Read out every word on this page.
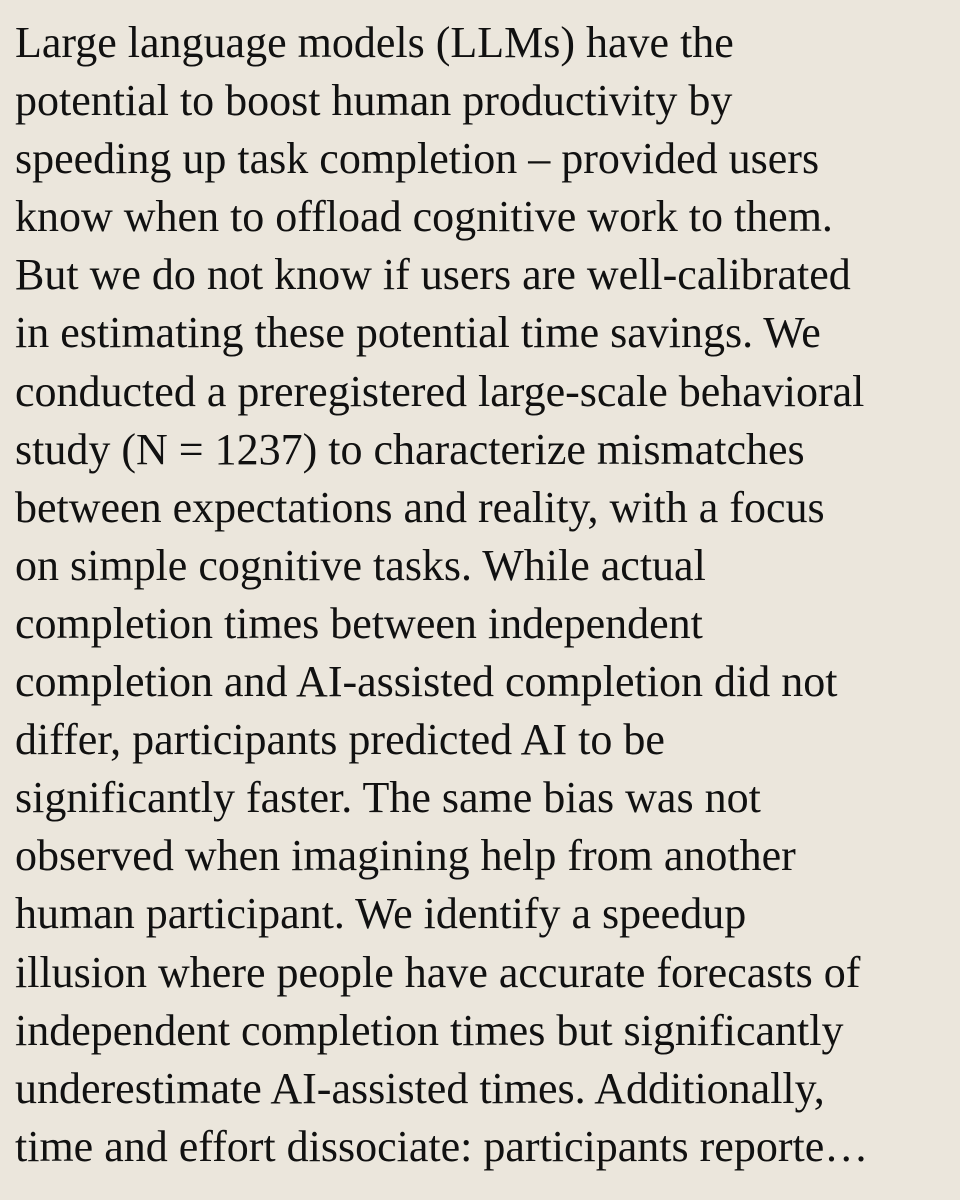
Large language models (LLMs) have the
potential to boost human productivity by
speeding up task completion – provided users
know when to offload cognitive work to them.
But we do not know if users are well-calibrated
in estimating these potential time savings. We
conducted a preregistered large-scale behavioral
study (N = 1237) to characterize mismatches
between expectations and reality, with a focus
on simple cognitive tasks. While actual
completion times between independent
completion and AI-assisted completion did not
differ, participants predicted AI to be
significantly faster. The same bias was not
observed when imagining help from another
human participant. We identify a speedup
illusion where people have accurate forecasts of
independent completion times but significantly
underestimate AI-assisted times. Additionally,
time and effort dissociate: participants reporte…
